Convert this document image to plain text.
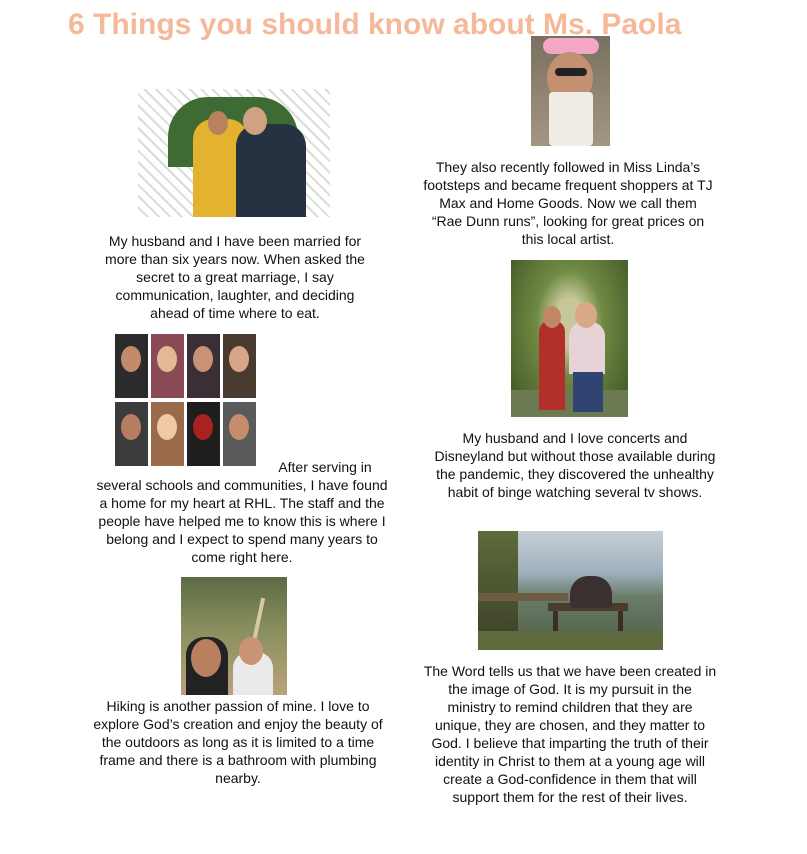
6 Things you should know about Ms. Paola

My husband and I have been married for more than six years now. When asked the secret to a great marriage, I say communication, laughter, and deciding ahead of time where to eat.

After serving in several schools and communities, I have found a home for my heart at RHL. The staff and the people have helped me to know this is where I belong and I expect to spend many years to come right here.

Hiking is another passion of mine. I love to explore God’s creation and enjoy the beauty of the outdoors as long as it is limited to a time frame and there is a bathroom with plumbing nearby.

They also recently followed in Miss Linda’s footsteps and became frequent shoppers at TJ Max and Home Goods. Now we call them “Rae Dunn runs”, looking for great prices on this local artist.

My husband and I love concerts and Disneyland but without those available during the pandemic, they discovered the unhealthy habit of binge watching several tv shows.

The Word tells us that we have been created in the image of God. It is my pursuit in the ministry to remind children that they are unique, they are chosen, and they matter to God. I believe that imparting the truth of their identity in Christ to them at a young age will create a God-confidence in them that will support them for the rest of their lives.
